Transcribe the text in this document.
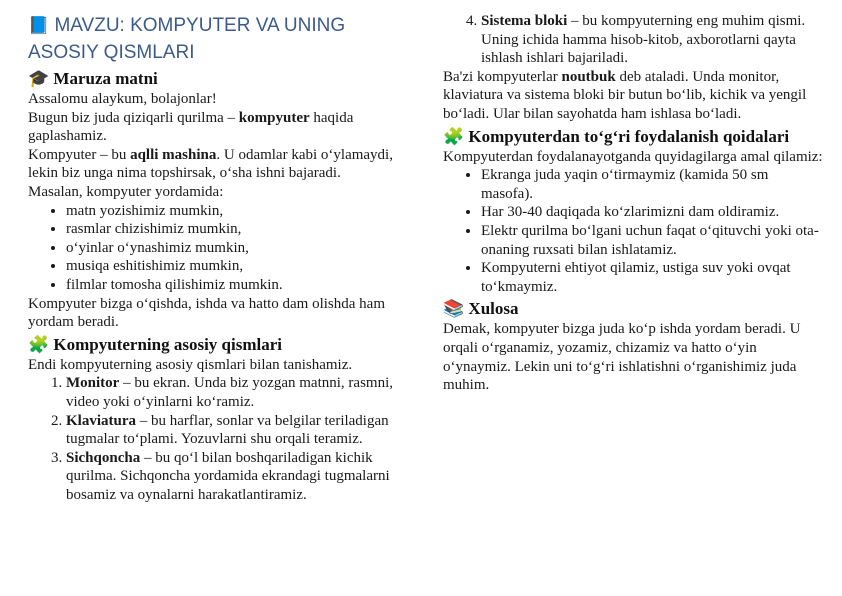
📘 MAVZU: KOMPYUTER VA UNING ASOSIY QISMLARI
🎓 Maruza matni

Assalomu alaykum, bolajonlar!

Bugun biz juda qiziqarli qurilma – kompyuter haqida gaplashamiz.

Kompyuter – bu aqlli mashina. U odamlar kabi o‘ylamaydi, lekin biz unga nima topshirsak, o‘sha ishni bajaradi.

Masalan, kompyuter yordamida:

• matn yozishimiz mumkin,
• rasmlar chizishimiz mumkin,
• o‘yinlar o‘ynashimiz mumkin,
• musiqa eshitishimiz mumkin,
• filmlar tomosha qilishimiz mumkin.

Kompyuter bizga o‘qishda, ishda va hatto dam olishda ham yordam beradi.

🧩 Kompyuterning asosiy qismlari

Endi kompyuterning asosiy qismlari bilan tanishamiz.

1. Monitor – bu ekran. Unda biz yozgan matnni, rasmni, video yoki o‘yinlarni ko‘ramiz.
2. Klaviatura – bu harflar, sonlar va belgilar teriladigan tugmalar to‘plami. Yozuvlarni shu orqali teramiz.
3. Sichqoncha – bu qo‘l bilan boshqariladigan kichik qurilma. Sichqoncha yordamida ekrandagi tugmalarni bosamiz va oynalarni harakatlantiramiz.
4. Sistema bloki – bu kompyuterning eng muhim qismi. Uning ichida hamma hisob-kitob, axborotlarni qayta ishlash ishlari bajariladi.

Ba'zi kompyuterlar noutbuk deb ataladi. Unda monitor, klaviatura va sistema bloki bir butun bo‘lib, kichik va yengil bo‘ladi. Ular bilan sayohatda ham ishlasa bo‘ladi.

🧩 Kompyuterdan to‘g‘ri foydalanish qoidalari

Kompyuterdan foydalanayotganda quyidagilarga amal qilamiz:

• Ekranga juda yaqin o‘tirmaymiz (kamida 50 sm masofa).
• Har 30-40 daqiqada ko‘zlarimizni dam oldiramiz.
• Elektr qurilma bo‘lgani uchun faqat o‘qituvchi yoki ota-onaning ruxsati bilan ishlatamiz.
• Kompyuterni ehtiyot qilamiz, ustiga suv yoki ovqat to‘kmaymiz.
📚 Xulosa

Demak, kompyuter bizga juda ko‘p ishda yordam beradi. U orqali o‘rganamiz, yozamiz, chizamiz va hatto o‘yin o‘ynaymiz. Lekin uni to‘g‘ri ishlatishni o‘rganishimiz juda muhim.
